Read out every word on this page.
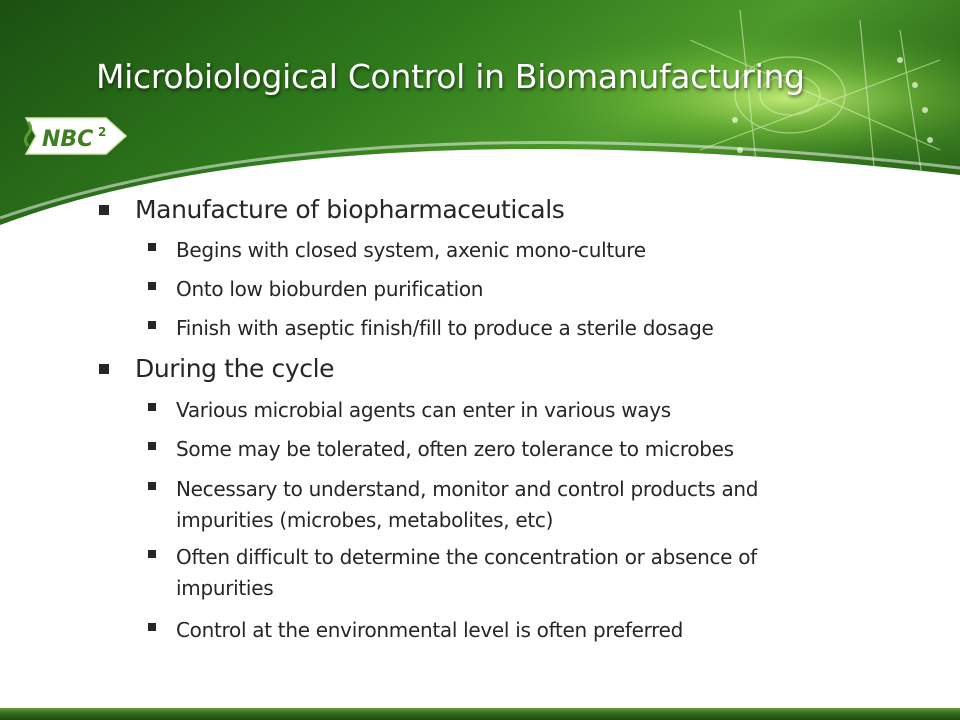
NBC 2
Microbiological Control in Biomanufacturing
Manufacture of biopharmaceuticals
Begins with closed system, axenic mono-culture
Onto low bioburden purification
Finish with aseptic finish/fill to produce a sterile dosage
During the cycle
Various microbial agents can enter in various ways
Some may be tolerated, often zero tolerance to microbes
Necessary to understand, monitor and control products and
impurities (microbes, metabolites, etc)
Often difficult to determine the concentration or absence of
impurities
Control at the environmental level is often preferred
